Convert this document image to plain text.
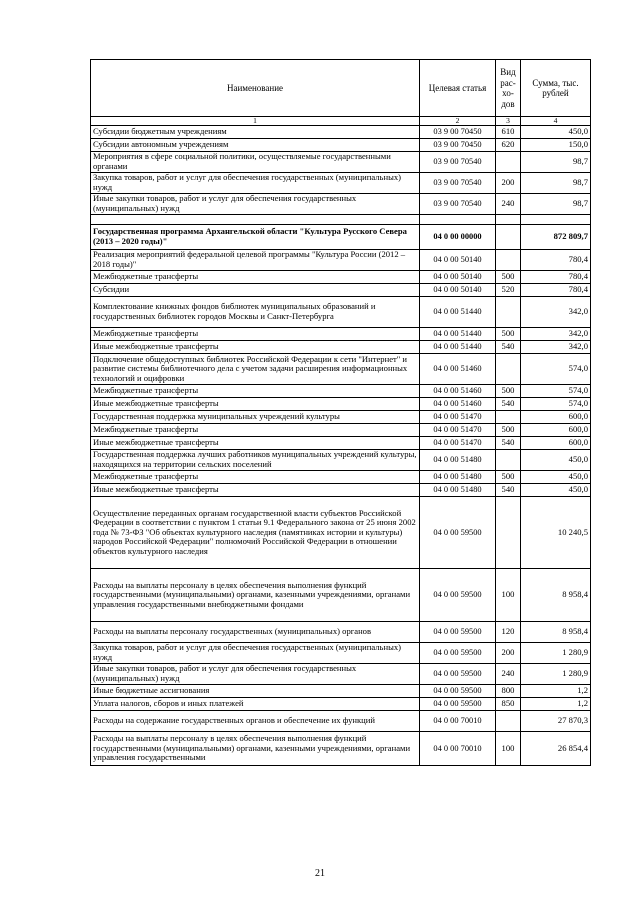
Наименование	Целевая статья	Вид рас-хо-дов	Сумма, тыс. рублей
1	2	3	4
Субсидии бюджетным учреждениям	03 9 00 70450	610	450,0
Субсидии автономным учреждениям	03 9 00 70450	620	150,0
Мероприятия в сфере социальной политики, осуществляемые государственными органами	03 9 00 70540		98,7
Закупка товаров, работ и услуг для обеспечения государственных (муниципальных) нужд	03 9 00 70540	200	98,7
Иные закупки товаров, работ и услуг для обеспечения государственных (муниципальных) нужд	03 9 00 70540	240	98,7

Государственная программа Архангельской области "Культура Русского Севера (2013 – 2020 годы)"	04 0 00 00000		872 809,7
Реализация мероприятий федеральной целевой программы "Культура России (2012 – 2018 годы)"	04 0 00 50140		780,4
Межбюджетные трансферты	04 0 00 50140	500	780,4
Субсидии	04 0 00 50140	520	780,4
Комплектование книжных фондов библиотек муниципальных образований и государственных библиотек городов Москвы и Санкт-Петербурга	04 0 00 51440		342,0
Межбюджетные трансферты	04 0 00 51440	500	342,0
Иные межбюджетные трансферты	04 0 00 51440	540	342,0
Подключение общедоступных библиотек Российской Федерации к сети "Интернет" и развитие системы библиотечного дела с учетом задачи расширения информационных технологий и оцифровки	04 0 00 51460		574,0
Межбюджетные трансферты	04 0 00 51460	500	574,0
Иные межбюджетные трансферты	04 0 00 51460	540	574,0
Государственная поддержка муниципальных учреждений культуры	04 0 00 51470		600,0
Межбюджетные трансферты	04 0 00 51470	500	600,0
Иные межбюджетные трансферты	04 0 00 51470	540	600,0
Государственная поддержка лучших работников муниципальных учреждений культуры, находящихся на территории сельских поселений	04 0 00 51480		450,0
Межбюджетные трансферты	04 0 00 51480	500	450,0
Иные межбюджетные трансферты	04 0 00 51480	540	450,0
Осуществление переданных органам государственной власти субъектов Российской Федерации в соответствии с пунктом 1 статьи 9.1 Федерального закона от 25 июня 2002 года № 73-ФЗ "Об объектах культурного наследия (памятниках истории и культуры) народов Российской Федерации" полномочий Российской Федерации в отношении объектов культурного наследия	04 0 00 59500		10 240,5
Расходы на выплаты персоналу в целях обеспечения выполнения функций государственными (муниципальными) органами, казенными учреждениями, органами управления государственными внебюджетными фондами	04 0 00 59500	100	8 958,4
Расходы на выплаты персоналу государственных (муниципальных) органов	04 0 00 59500	120	8 958,4
Закупка товаров, работ и услуг для обеспечения государственных (муниципальных) нужд	04 0 00 59500	200	1 280,9
Иные закупки товаров, работ и услуг для обеспечения государственных (муниципальных) нужд	04 0 00 59500	240	1 280,9
Иные бюджетные ассигнования	04 0 00 59500	800	1,2
Уплата налогов, сборов и иных платежей	04 0 00 59500	850	1,2
Расходы на содержание государственных органов и обеспечение их функций	04 0 00 70010		27 870,3
Расходы на выплаты персоналу в целях обеспечения выполнения функций государственными (муниципальными) органами, казенными учреждениями, органами управления государственными	04 0 00 70010	100	26 854,4
21
